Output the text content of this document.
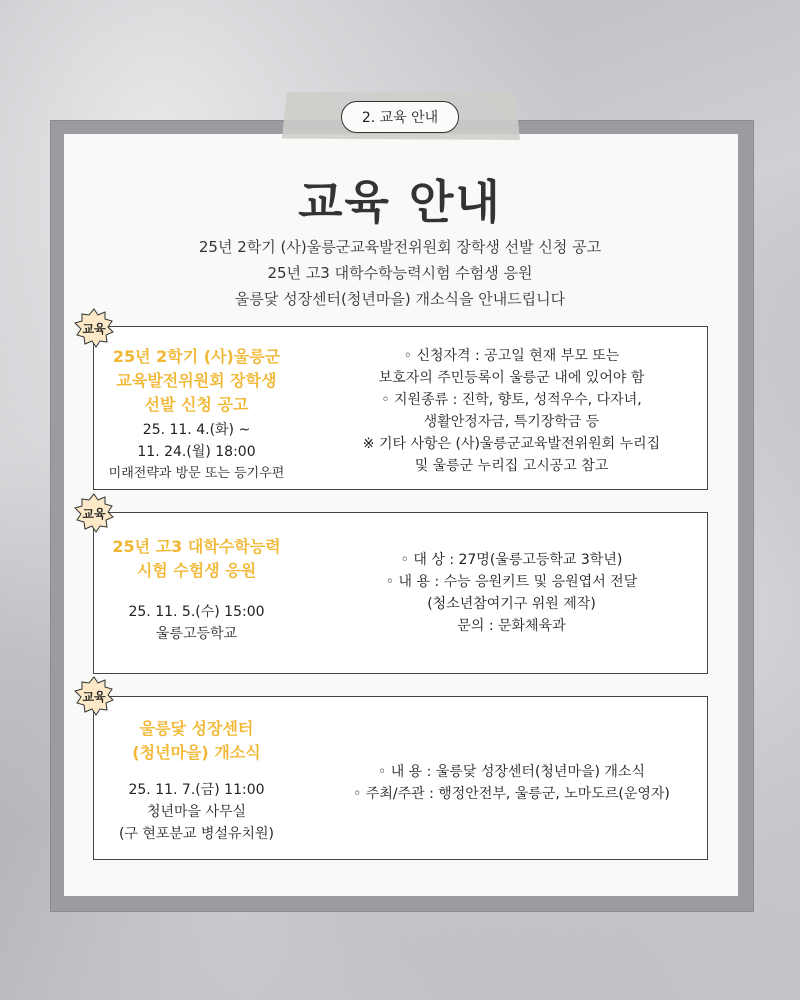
2. 교육 안내
교육 안내
25년 2학기 (사)울릉군교육발전위원회 장학생 선발 신청 공고
25년 고3 대학수학능력시험 수험생 응원
울릉닻 성장센터(청년마을) 개소식을 안내드립니다
25년 2학기 (사)울릉군
교육발전위원회 장학생
선발 신청 공고
25. 11. 4.(화) ~
11. 24.(월) 18:00
미래전략과 방문 또는 등기우편
◦ 신청자격 : 공고일 현재 부모 또는
보호자의 주민등록이 울릉군 내에 있어야 함
◦ 지원종류 : 진학, 향토, 성적우수, 다자녀,
생활안정자금, 특기장학금 등
※ 기타 사항은 (사)울릉군교육발전위원회 누리집
및 울릉군 누리집 고시공고 참고
25년 고3 대학수학능력
시험 수험생 응원
25. 11. 5.(수) 15:00
울릉고등학교
◦ 대 상 : 27명(울릉고등학교 3학년)
◦ 내 용 : 수능 응원키트 및 응원엽서 전달
(청소년참여기구 위원 제작)
문의 : 문화체육과
울릉닻 성장센터
(청년마을) 개소식
25. 11. 7.(금) 11:00
청년마을 사무실
(구 현포분교 병설유치원)
◦ 내 용 : 울릉닻 성장센터(청년마을) 개소식
◦ 주최/주관 : 행정안전부, 울릉군, 노마도르(운영자)
교육
교육
교육
